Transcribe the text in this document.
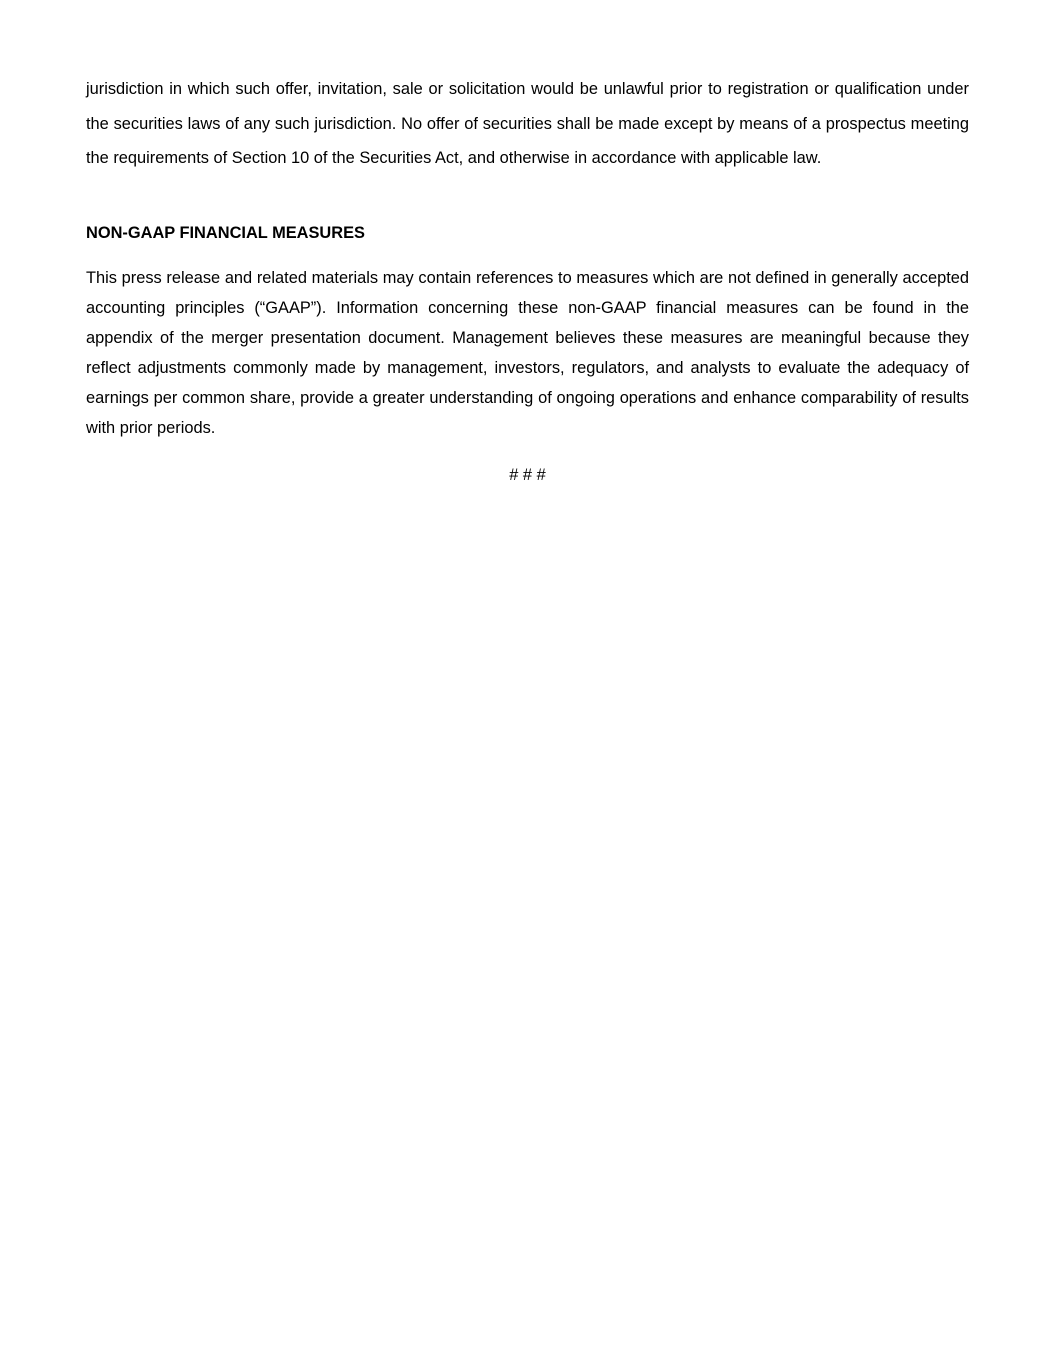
jurisdiction in which such offer, invitation, sale or solicitation would be unlawful prior to registration or qualification under the securities laws of any such jurisdiction. No offer of securities shall be made except by means of a prospectus meeting the requirements of Section 10 of the Securities Act, and otherwise in accordance with applicable law.

NON-GAAP FINANCIAL MEASURES

This press release and related materials may contain references to measures which are not defined in generally accepted accounting principles (“GAAP”). Information concerning these non-GAAP financial measures can be found in the appendix of the merger presentation document. Management believes these measures are meaningful because they reflect adjustments commonly made by management, investors, regulators, and analysts to evaluate the adequacy of earnings per common share, provide a greater understanding of ongoing operations and enhance comparability of results with prior periods.

# # #
